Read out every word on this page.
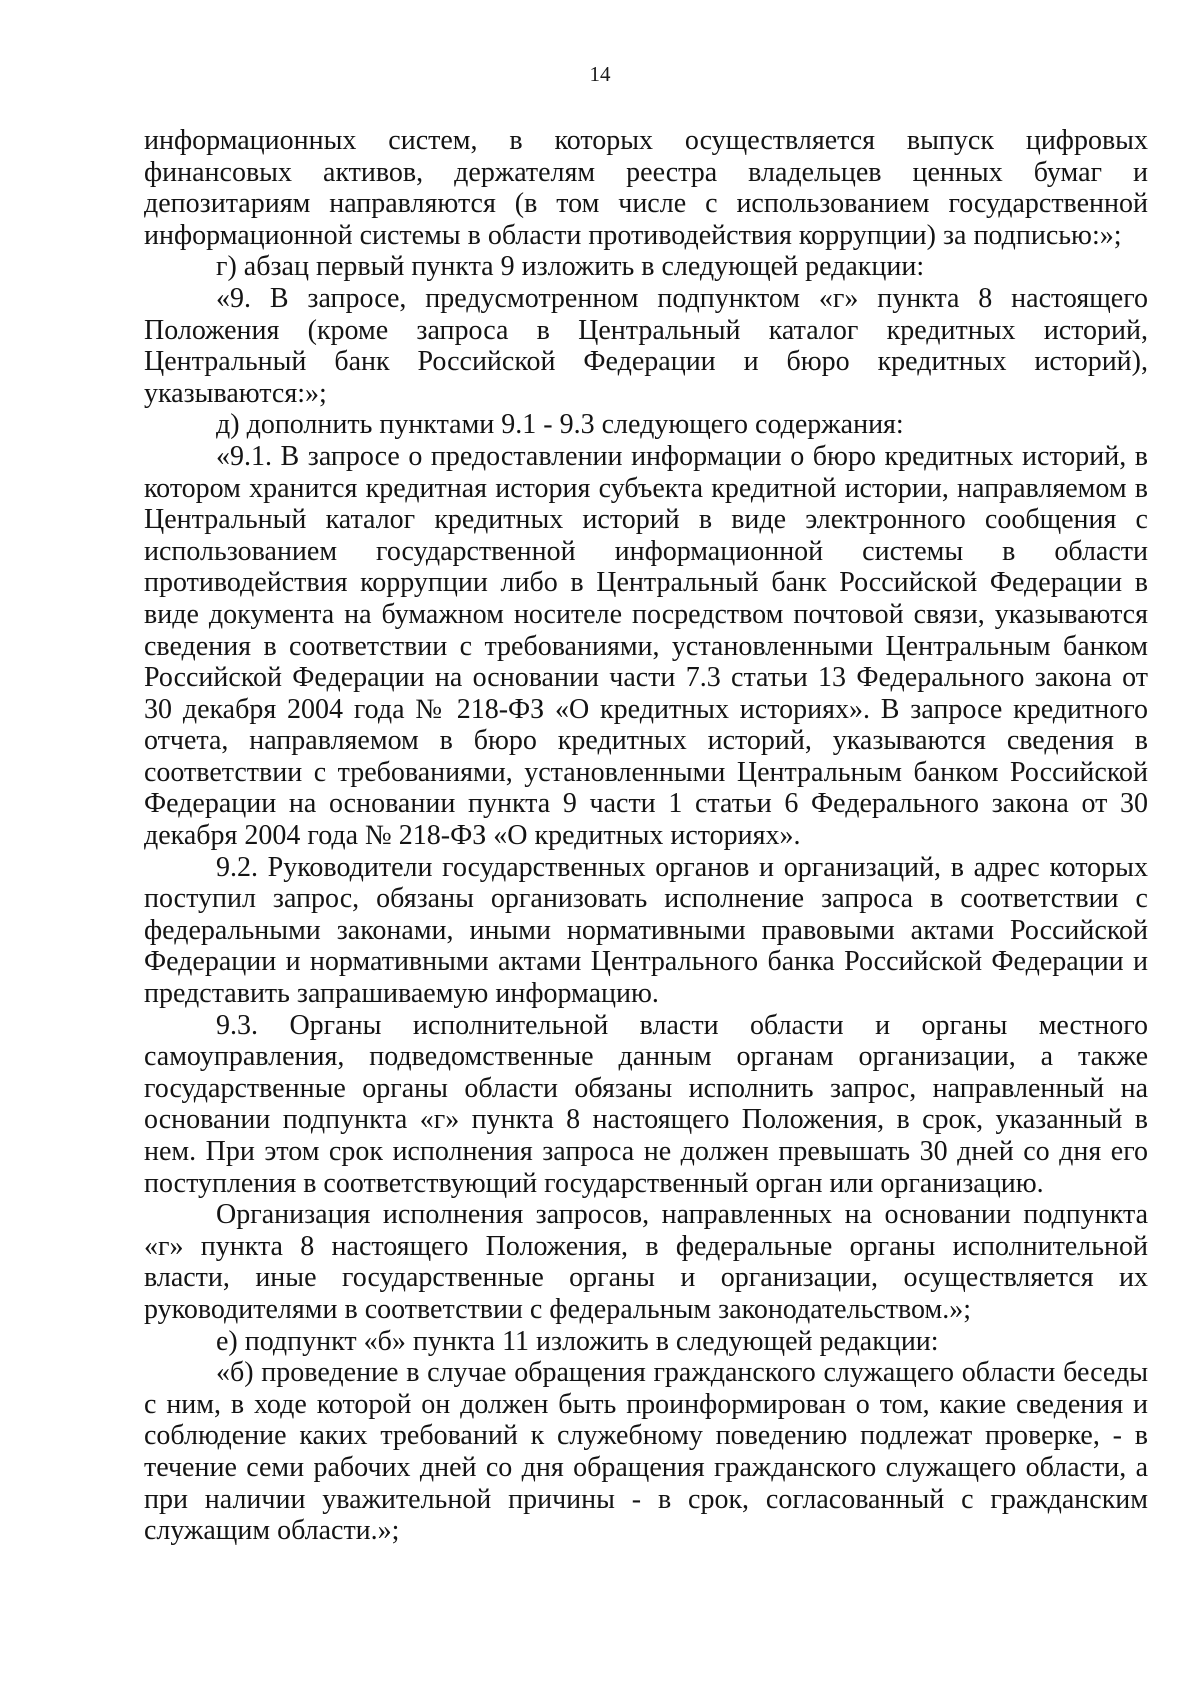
14

информационных систем, в которых осуществляется выпуск цифровых финансовых активов, держателям реестра владельцев ценных бумаг и депозитариям направляются (в том числе с использованием государственной информационной системы в области противодействия коррупции) за подписью:»;

г) абзац первый пункта 9 изложить в следующей редакции:

«9. В запросе, предусмотренном подпунктом «г» пункта 8 настоящего Положения (кроме запроса в Центральный каталог кредитных историй, Центральный банк Российской Федерации и бюро кредитных историй), указываются:»;

д) дополнить пунктами 9.1 - 9.3 следующего содержания:

«9.1. В запросе о предоставлении информации о бюро кредитных историй, в котором хранится кредитная история субъекта кредитной истории, направляемом в Центральный каталог кредитных историй в виде электронного сообщения с использованием государственной информационной системы в области противодействия коррупции либо в Центральный банк Российской Федерации в виде документа на бумажном носителе посредством почтовой связи, указываются сведения в соответствии с требованиями, установленными Центральным банком Российской Федерации на основании части 7.3 статьи 13 Федерального закона от 30 декабря 2004 года № 218-ФЗ «О кредитных историях». В запросе кредитного отчета, направляемом в бюро кредитных историй, указываются сведения в соответствии с требованиями, установленными Центральным банком Российской Федерации на основании пункта 9 части 1 статьи 6 Федерального закона от 30 декабря 2004 года № 218-ФЗ «О кредитных историях».

9.2. Руководители государственных органов и организаций, в адрес которых поступил запрос, обязаны организовать исполнение запроса в соответствии с федеральными законами, иными нормативными правовыми актами Российской Федерации и нормативными актами Центрального банка Российской Федерации и представить запрашиваемую информацию.

9.3. Органы исполнительной власти области и органы местного самоуправления, подведомственные данным органам организации, а также государственные органы области обязаны исполнить запрос, направленный на основании подпункта «г» пункта 8 настоящего Положения, в срок, указанный в нем. При этом срок исполнения запроса не должен превышать 30 дней со дня его поступления в соответствующий государственный орган или организацию.

Организация исполнения запросов, направленных на основании подпункта «г» пункта 8 настоящего Положения, в федеральные органы исполнительной власти, иные государственные органы и организации, осуществляется их руководителями в соответствии с федеральным законодательством.»;

е) подпункт «б» пункта 11 изложить в следующей редакции:

«б) проведение в случае обращения гражданского служащего области беседы с ним, в ходе которой он должен быть проинформирован о том, какие сведения и соблюдение каких требований к служебному поведению подлежат проверке, - в течение семи рабочих дней со дня обращения гражданского служащего области, а при наличии уважительной причины - в срок, согласованный с гражданским служащим области.»;
